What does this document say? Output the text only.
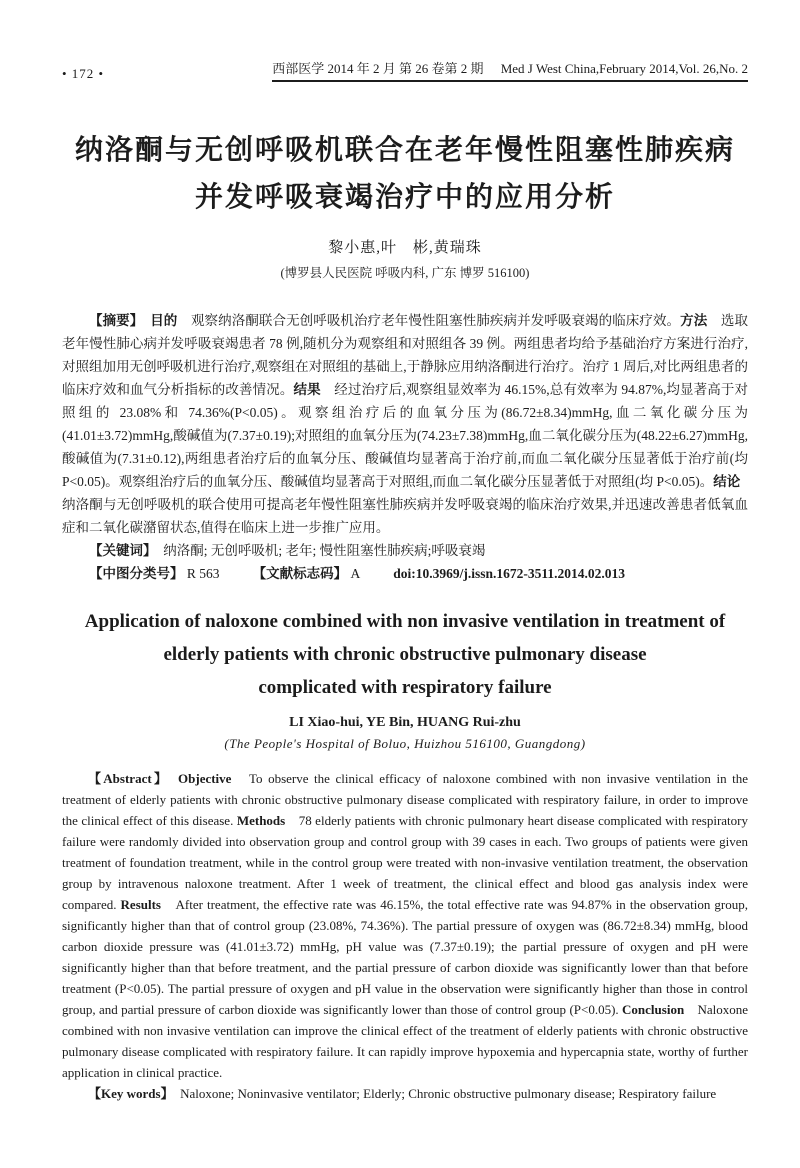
• 172 •	西部医学 2014 年 2 月 第 26 卷第 2 期 Med J West China,February 2014,Vol. 26,No. 2
纳洛酮与无创呼吸机联合在老年慢性阻塞性肺疾病
并发呼吸衰竭治疗中的应用分析
黎小惠,叶　彬,黄瑞珠
(博罗县人民医院 呼吸内科, 广东 博罗 516100)

【摘要】　目的　观察纳洛酮联合无创呼吸机治疗老年慢性阻塞性肺疾病并发呼吸衰竭的临床疗效。方法　选取老年慢性肺心病并发呼吸衰竭患者 78 例,随机分为观察组和对照组各 39 例。两组患者均给予基础治疗方案进行治疗,对照组加用无创呼吸机进行治疗,观察组在对照组的基础上,于静脉应用纳洛酮进行治疗。治疗 1 周后,对比两组患者的临床疗效和血气分析指标的改善情况。结果　经过治疗后,观察组显效率为 46.15%,总有效率为 94.87%,均显著高于对照组的 23.08%和 74.36%(P<0.05)。观察组治疗后的血氧分压为(86.72±8.34)mmHg,血二氧化碳分压为(41.01±3.72)mmHg,酸碱值为(7.37±0.19);对照组的血氧分压为(74.23±7.38)mmHg,血二氧化碳分压为(48.22±6.27)mmHg,酸碱值为(7.31±0.12),两组患者治疗后的血氧分压、酸碱值均显著高于治疗前,而血二氧化碳分压显著低于治疗前(均 P<0.05)。观察组治疗后的血氧分压、酸碱值均显著高于对照组,而血二氧化碳分压显著低于对照组(均 P<0.05)。结论　纳洛酮与无创呼吸机的联合使用可提高老年慢性阻塞性肺疾病并发呼吸衰竭的临床治疗效果,并迅速改善患者低氧血症和二氧化碳潴留状态,值得在临床上进一步推广应用。

【关键词】　纳洛酮; 无创呼吸机; 老年; 慢性阻塞性肺疾病;呼吸衰竭

【中图分类号】 R 563 【文献标志码】 A doi:10.3969/j.issn.1672-3511.2014.02.013

Application of naloxone combined with non invasive ventilation in treatment of
elderly patients with chronic obstructive pulmonary disease
complicated with respiratory failure
LI Xiao-hui, YE Bin, HUANG Rui-zhu
(The People's Hospital of Boluo, Huizhou 516100, Guangdong)

【Abstract】　Objective　To observe the clinical efficacy of naloxone combined with non invasive ventilation in the treatment of elderly patients with chronic obstructive pulmonary disease complicated with respiratory failure, in order to improve the clinical effect of this disease. Methods　78 elderly patients with chronic pulmonary heart disease complicated with respiratory failure were randomly divided into observation group and control group with 39 cases in each. Two groups of patients were given treatment of foundation treatment, while in the control group were treated with non-invasive ventilation treatment, the observation group by intravenous naloxone treatment. After 1 week of treatment, the clinical effect and blood gas analysis index were compared. Results　After treatment, the effective rate was 46.15%, the total effective rate was 94.87% in the observation group, significantly higher than that of control group (23.08%, 74.36%). The partial pressure of oxygen was (86.72±8.34) mmHg, blood carbon dioxide pressure was (41.01±3.72) mmHg, pH value was (7.37±0.19); the partial pressure of oxygen and pH were significantly higher than that before treatment, and the partial pressure of carbon dioxide was significantly lower than that before treatment (P<0.05). The partial pressure of oxygen and pH value in the observation were significantly higher than those in control group, and partial pressure of carbon dioxide was significantly lower than those of control group (P<0.05). Conclusion　Naloxone combined with non invasive ventilation can improve the clinical effect of the treatment of elderly patients with chronic obstructive pulmonary disease complicated with respiratory failure. It can rapidly improve hypoxemia and hypercapnia state, worthy of further application in clinical practice.

【Key words】　Naloxone; Noninvasive ventilator; Elderly; Chronic obstructive pulmonary disease; Respiratory failure
